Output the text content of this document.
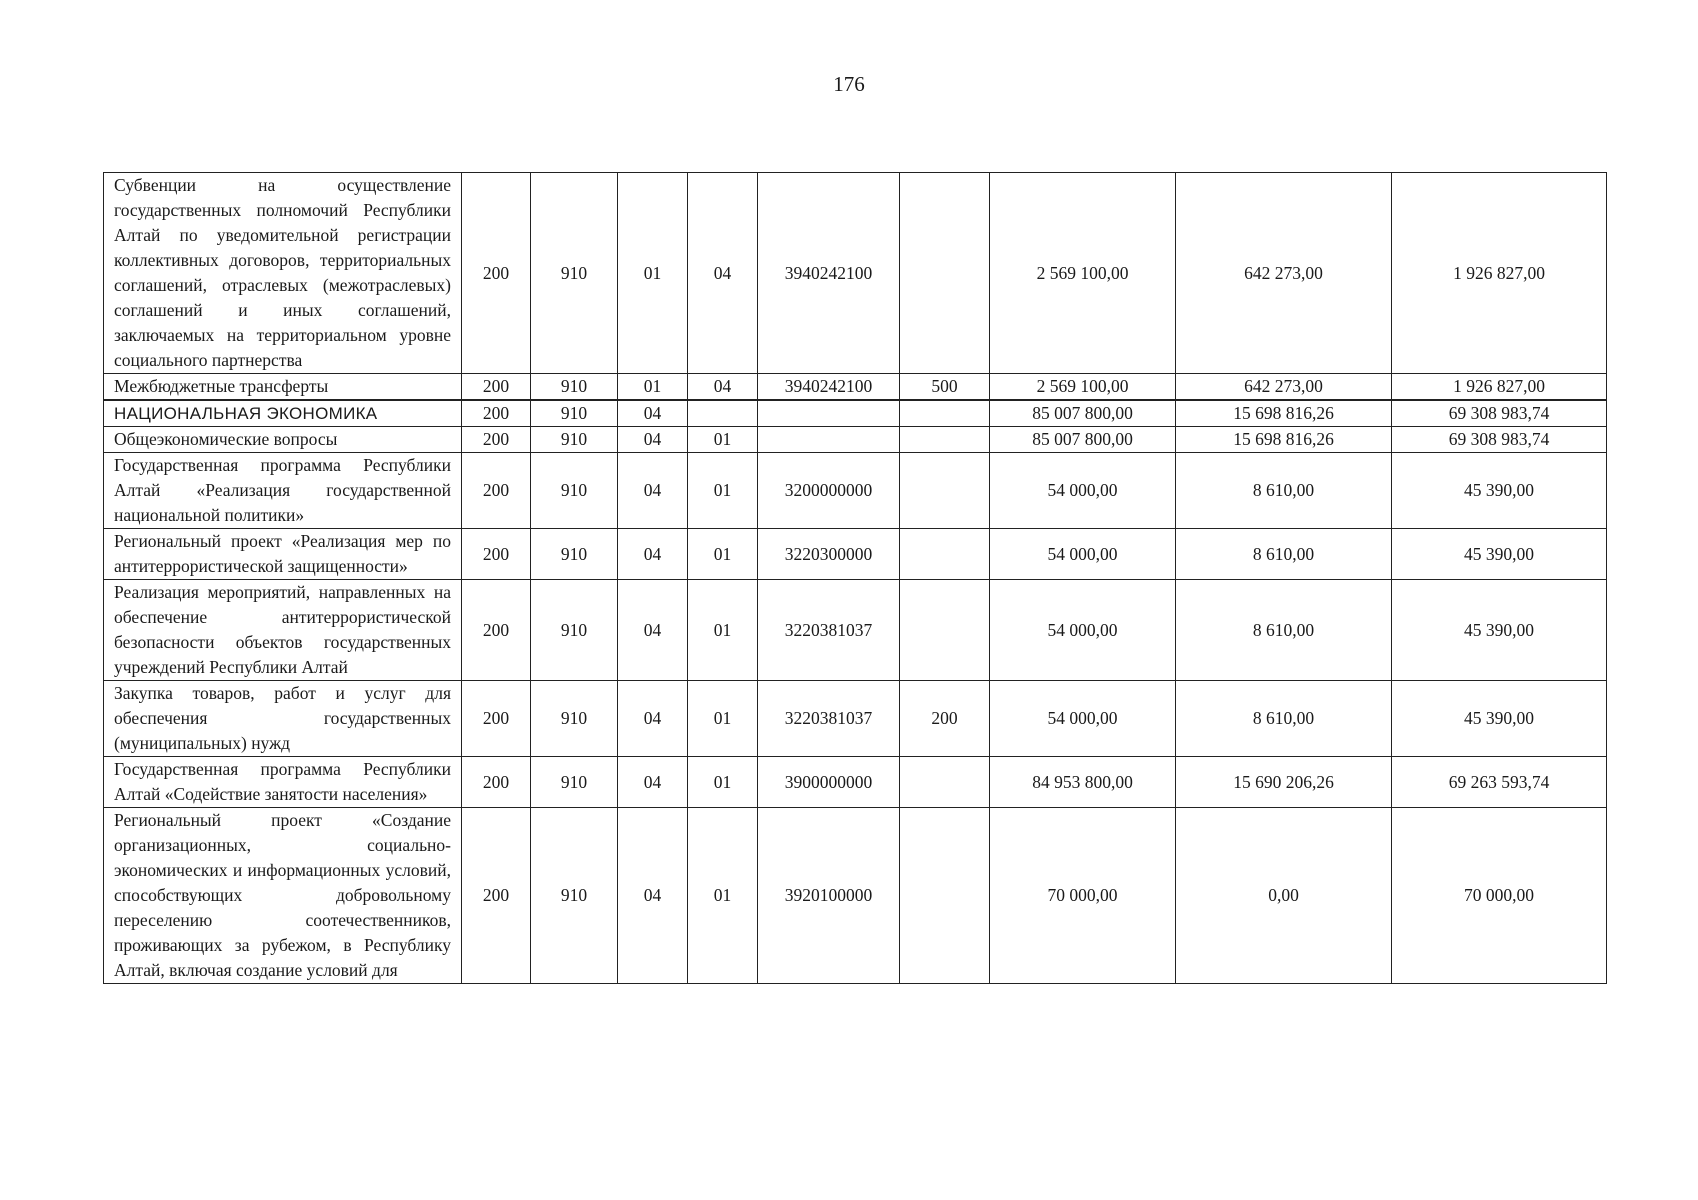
176
Субвенции на осуществление государственных полномочий Республики Алтай по уведомительной регистрации коллективных договоров, территориальных соглашений, отраслевых (межотраслевых) соглашений и иных соглашений, заключаемых на территориальном уровне социального партнерства	200	910	01	04	3940242100		2 569 100,00	642 273,00	1 926 827,00
Межбюджетные трансферты	200	910	01	04	3940242100	500	2 569 100,00	642 273,00	1 926 827,00
НАЦИОНАЛЬНАЯ ЭКОНОМИКА	200	910	04				85 007 800,00	15 698 816,26	69 308 983,74
Общеэкономические вопросы	200	910	04	01			85 007 800,00	15 698 816,26	69 308 983,74
Государственная программа Республики Алтай «Реализация государственной национальной политики»	200	910	04	01	3200000000		54 000,00	8 610,00	45 390,00
Региональный проект «Реализация мер по антитеррористической защищенности»	200	910	04	01	3220300000		54 000,00	8 610,00	45 390,00
Реализация мероприятий, направленных на обеспечение антитеррористической безопасности объектов государственных учреждений Республики Алтай	200	910	04	01	3220381037		54 000,00	8 610,00	45 390,00
Закупка товаров, работ и услуг для обеспечения государственных (муниципальных) нужд	200	910	04	01	3220381037	200	54 000,00	8 610,00	45 390,00
Государственная программа Республики Алтай «Содействие занятости населения»	200	910	04	01	3900000000		84 953 800,00	15 690 206,26	69 263 593,74
Региональный проект «Создание организационных, социально-экономических и информационных условий, способствующих добровольному переселению соотечественников, проживающих за рубежом, в Республику Алтай, включая создание условий для	200	910	04	01	3920100000		70 000,00	0,00	70 000,00
